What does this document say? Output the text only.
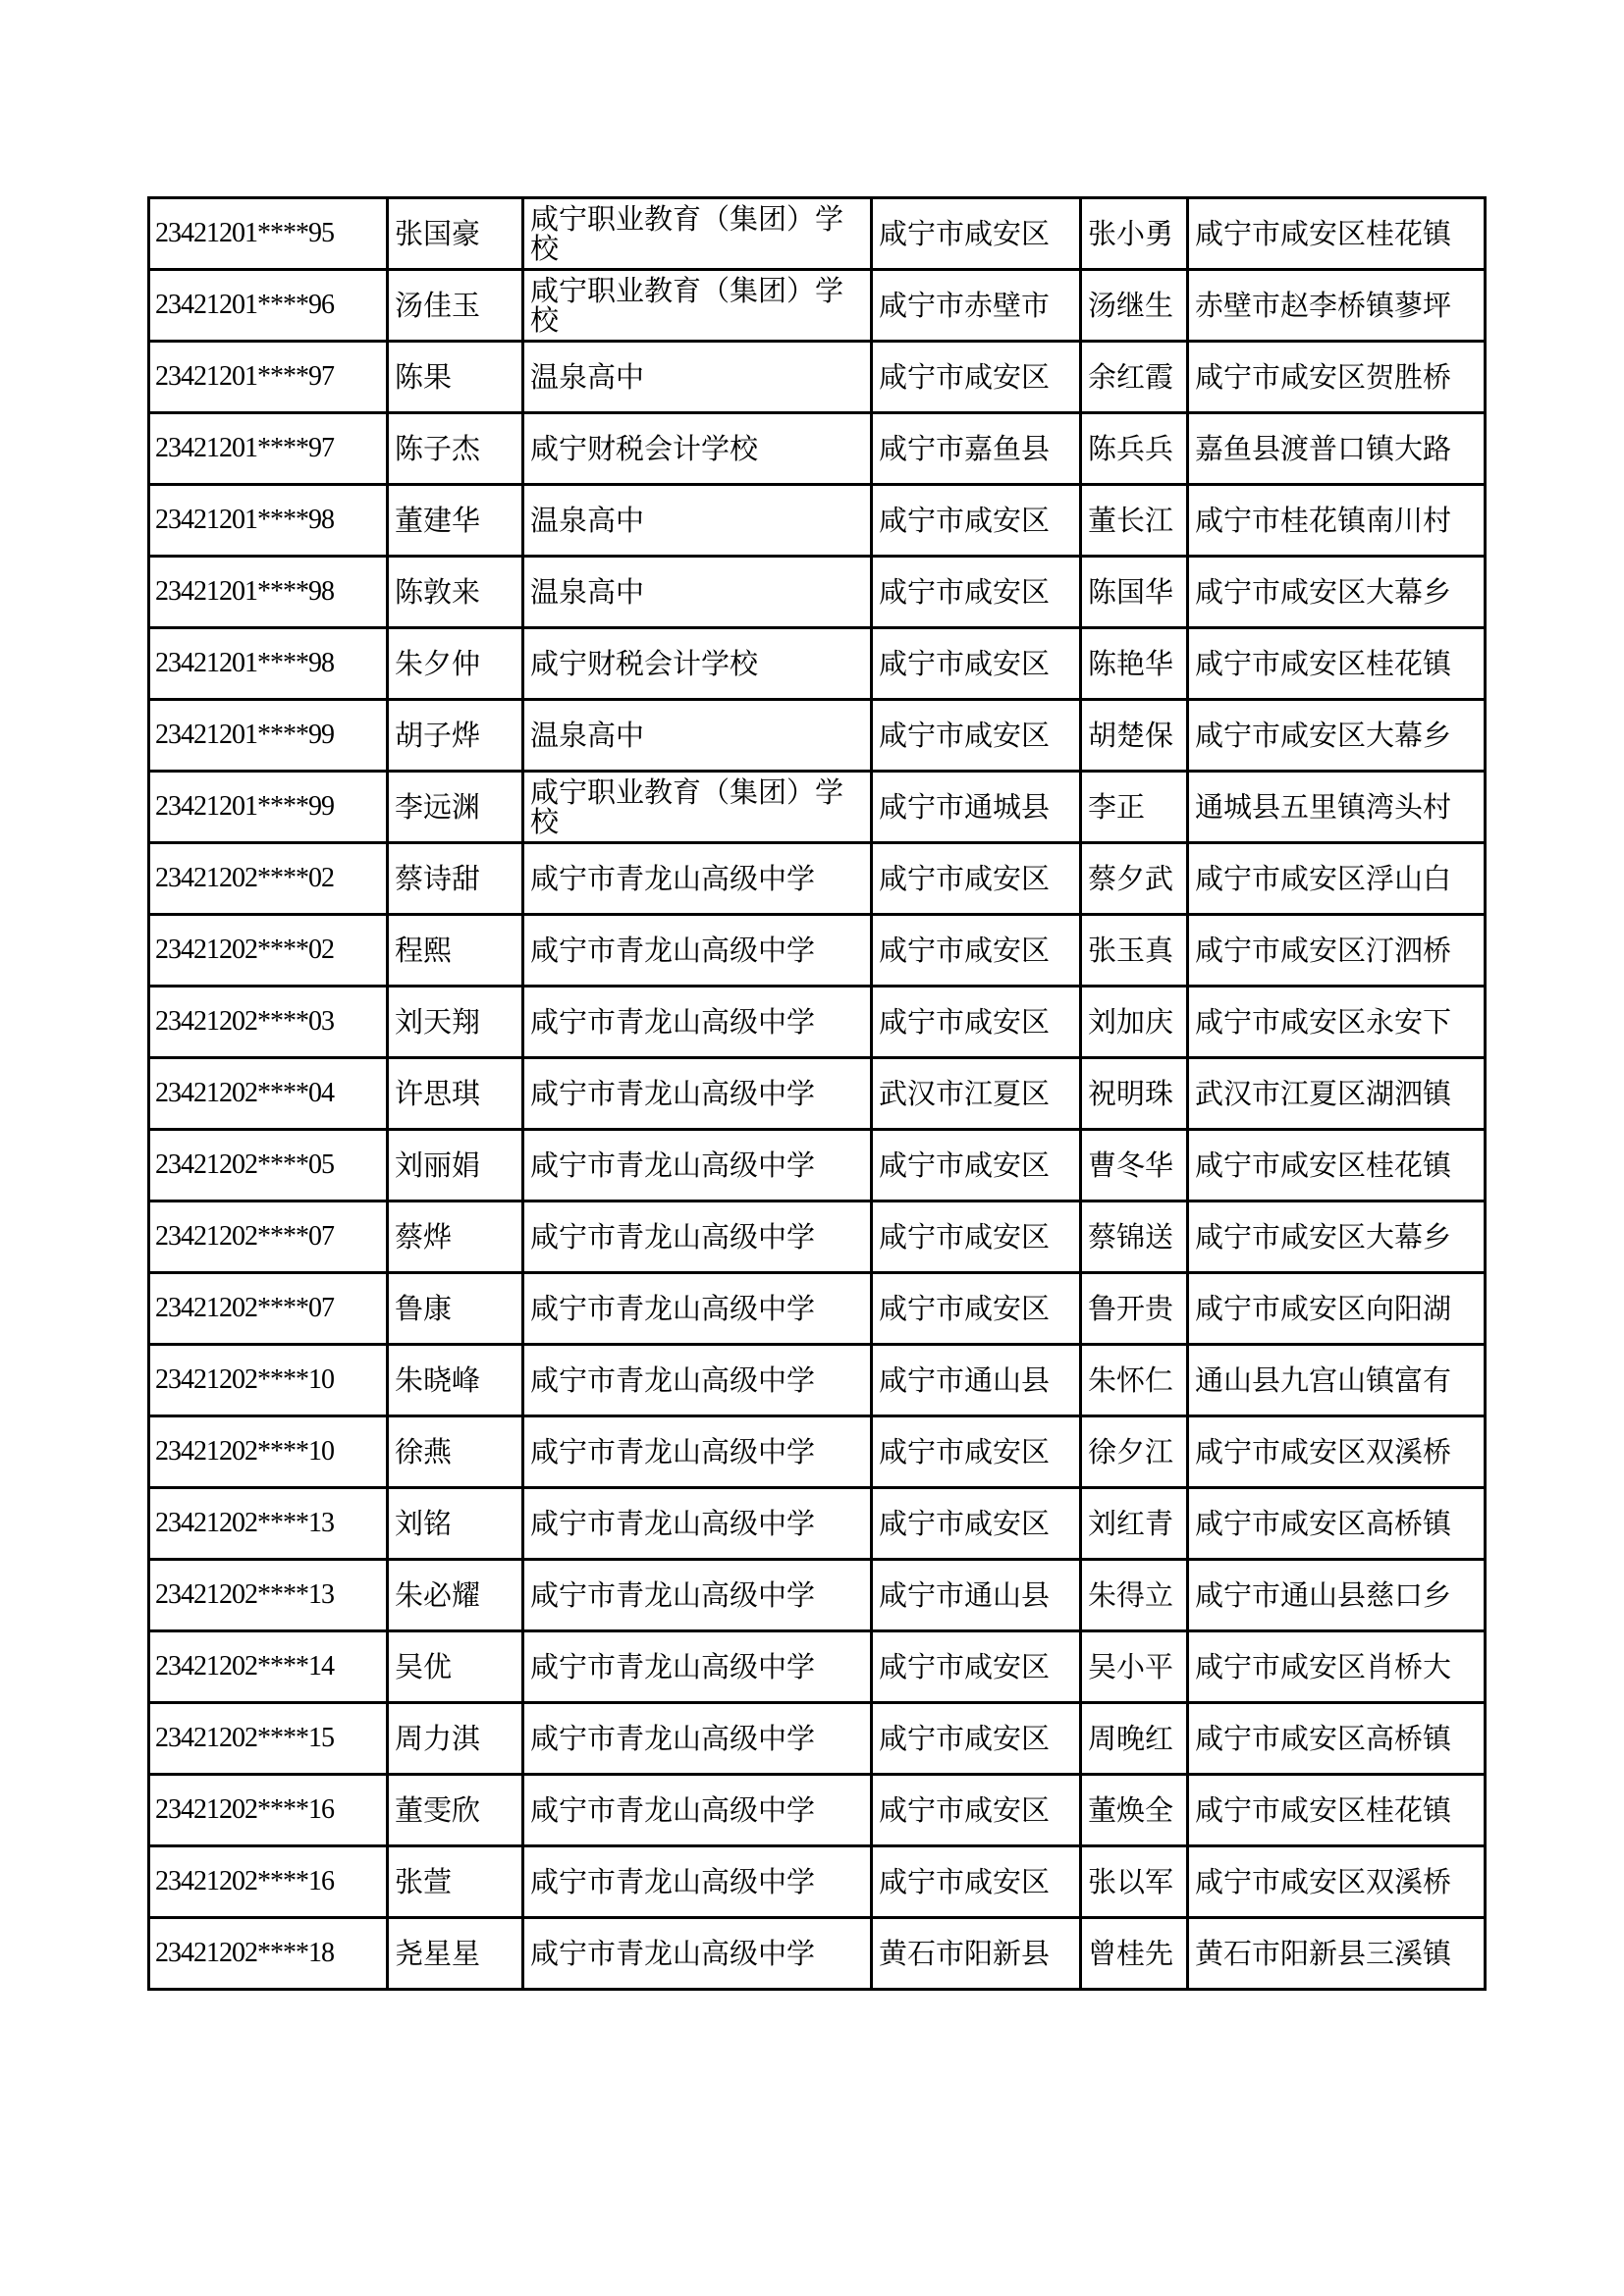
23421201****95	张国豪	咸宁职业教育（集团）学校	咸宁市咸安区	张小勇	咸宁市咸安区桂花镇
23421201****96	汤佳玉	咸宁职业教育（集团）学校	咸宁市赤壁市	汤继生	赤壁市赵李桥镇蓼坪
23421201****97	陈果	温泉高中	咸宁市咸安区	余红霞	咸宁市咸安区贺胜桥
23421201****97	陈子杰	咸宁财税会计学校	咸宁市嘉鱼县	陈兵兵	嘉鱼县渡普口镇大路
23421201****98	董建华	温泉高中	咸宁市咸安区	董长江	咸宁市桂花镇南川村
23421201****98	陈敦来	温泉高中	咸宁市咸安区	陈国华	咸宁市咸安区大幕乡
23421201****98	朱夕仲	咸宁财税会计学校	咸宁市咸安区	陈艳华	咸宁市咸安区桂花镇
23421201****99	胡子烨	温泉高中	咸宁市咸安区	胡楚保	咸宁市咸安区大幕乡
23421201****99	李远渊	咸宁职业教育（集团）学校	咸宁市通城县	李正	通城县五里镇湾头村
23421202****02	蔡诗甜	咸宁市青龙山高级中学	咸宁市咸安区	蔡夕武	咸宁市咸安区浮山白
23421202****02	程熙	咸宁市青龙山高级中学	咸宁市咸安区	张玉真	咸宁市咸安区汀泗桥
23421202****03	刘天翔	咸宁市青龙山高级中学	咸宁市咸安区	刘加庆	咸宁市咸安区永安下
23421202****04	许思琪	咸宁市青龙山高级中学	武汉市江夏区	祝明珠	武汉市江夏区湖泗镇
23421202****05	刘丽娟	咸宁市青龙山高级中学	咸宁市咸安区	曹冬华	咸宁市咸安区桂花镇
23421202****07	蔡烨	咸宁市青龙山高级中学	咸宁市咸安区	蔡锦送	咸宁市咸安区大幕乡
23421202****07	鲁康	咸宁市青龙山高级中学	咸宁市咸安区	鲁开贵	咸宁市咸安区向阳湖
23421202****10	朱晓峰	咸宁市青龙山高级中学	咸宁市通山县	朱怀仁	通山县九宫山镇富有
23421202****10	徐燕	咸宁市青龙山高级中学	咸宁市咸安区	徐夕江	咸宁市咸安区双溪桥
23421202****13	刘铭	咸宁市青龙山高级中学	咸宁市咸安区	刘红青	咸宁市咸安区高桥镇
23421202****13	朱必耀	咸宁市青龙山高级中学	咸宁市通山县	朱得立	咸宁市通山县慈口乡
23421202****14	吴优	咸宁市青龙山高级中学	咸宁市咸安区	吴小平	咸宁市咸安区肖桥大
23421202****15	周力淇	咸宁市青龙山高级中学	咸宁市咸安区	周晚红	咸宁市咸安区高桥镇
23421202****16	董雯欣	咸宁市青龙山高级中学	咸宁市咸安区	董焕全	咸宁市咸安区桂花镇
23421202****16	张萱	咸宁市青龙山高级中学	咸宁市咸安区	张以军	咸宁市咸安区双溪桥
23421202****18	尧星星	咸宁市青龙山高级中学	黄石市阳新县	曾桂先	黄石市阳新县三溪镇
